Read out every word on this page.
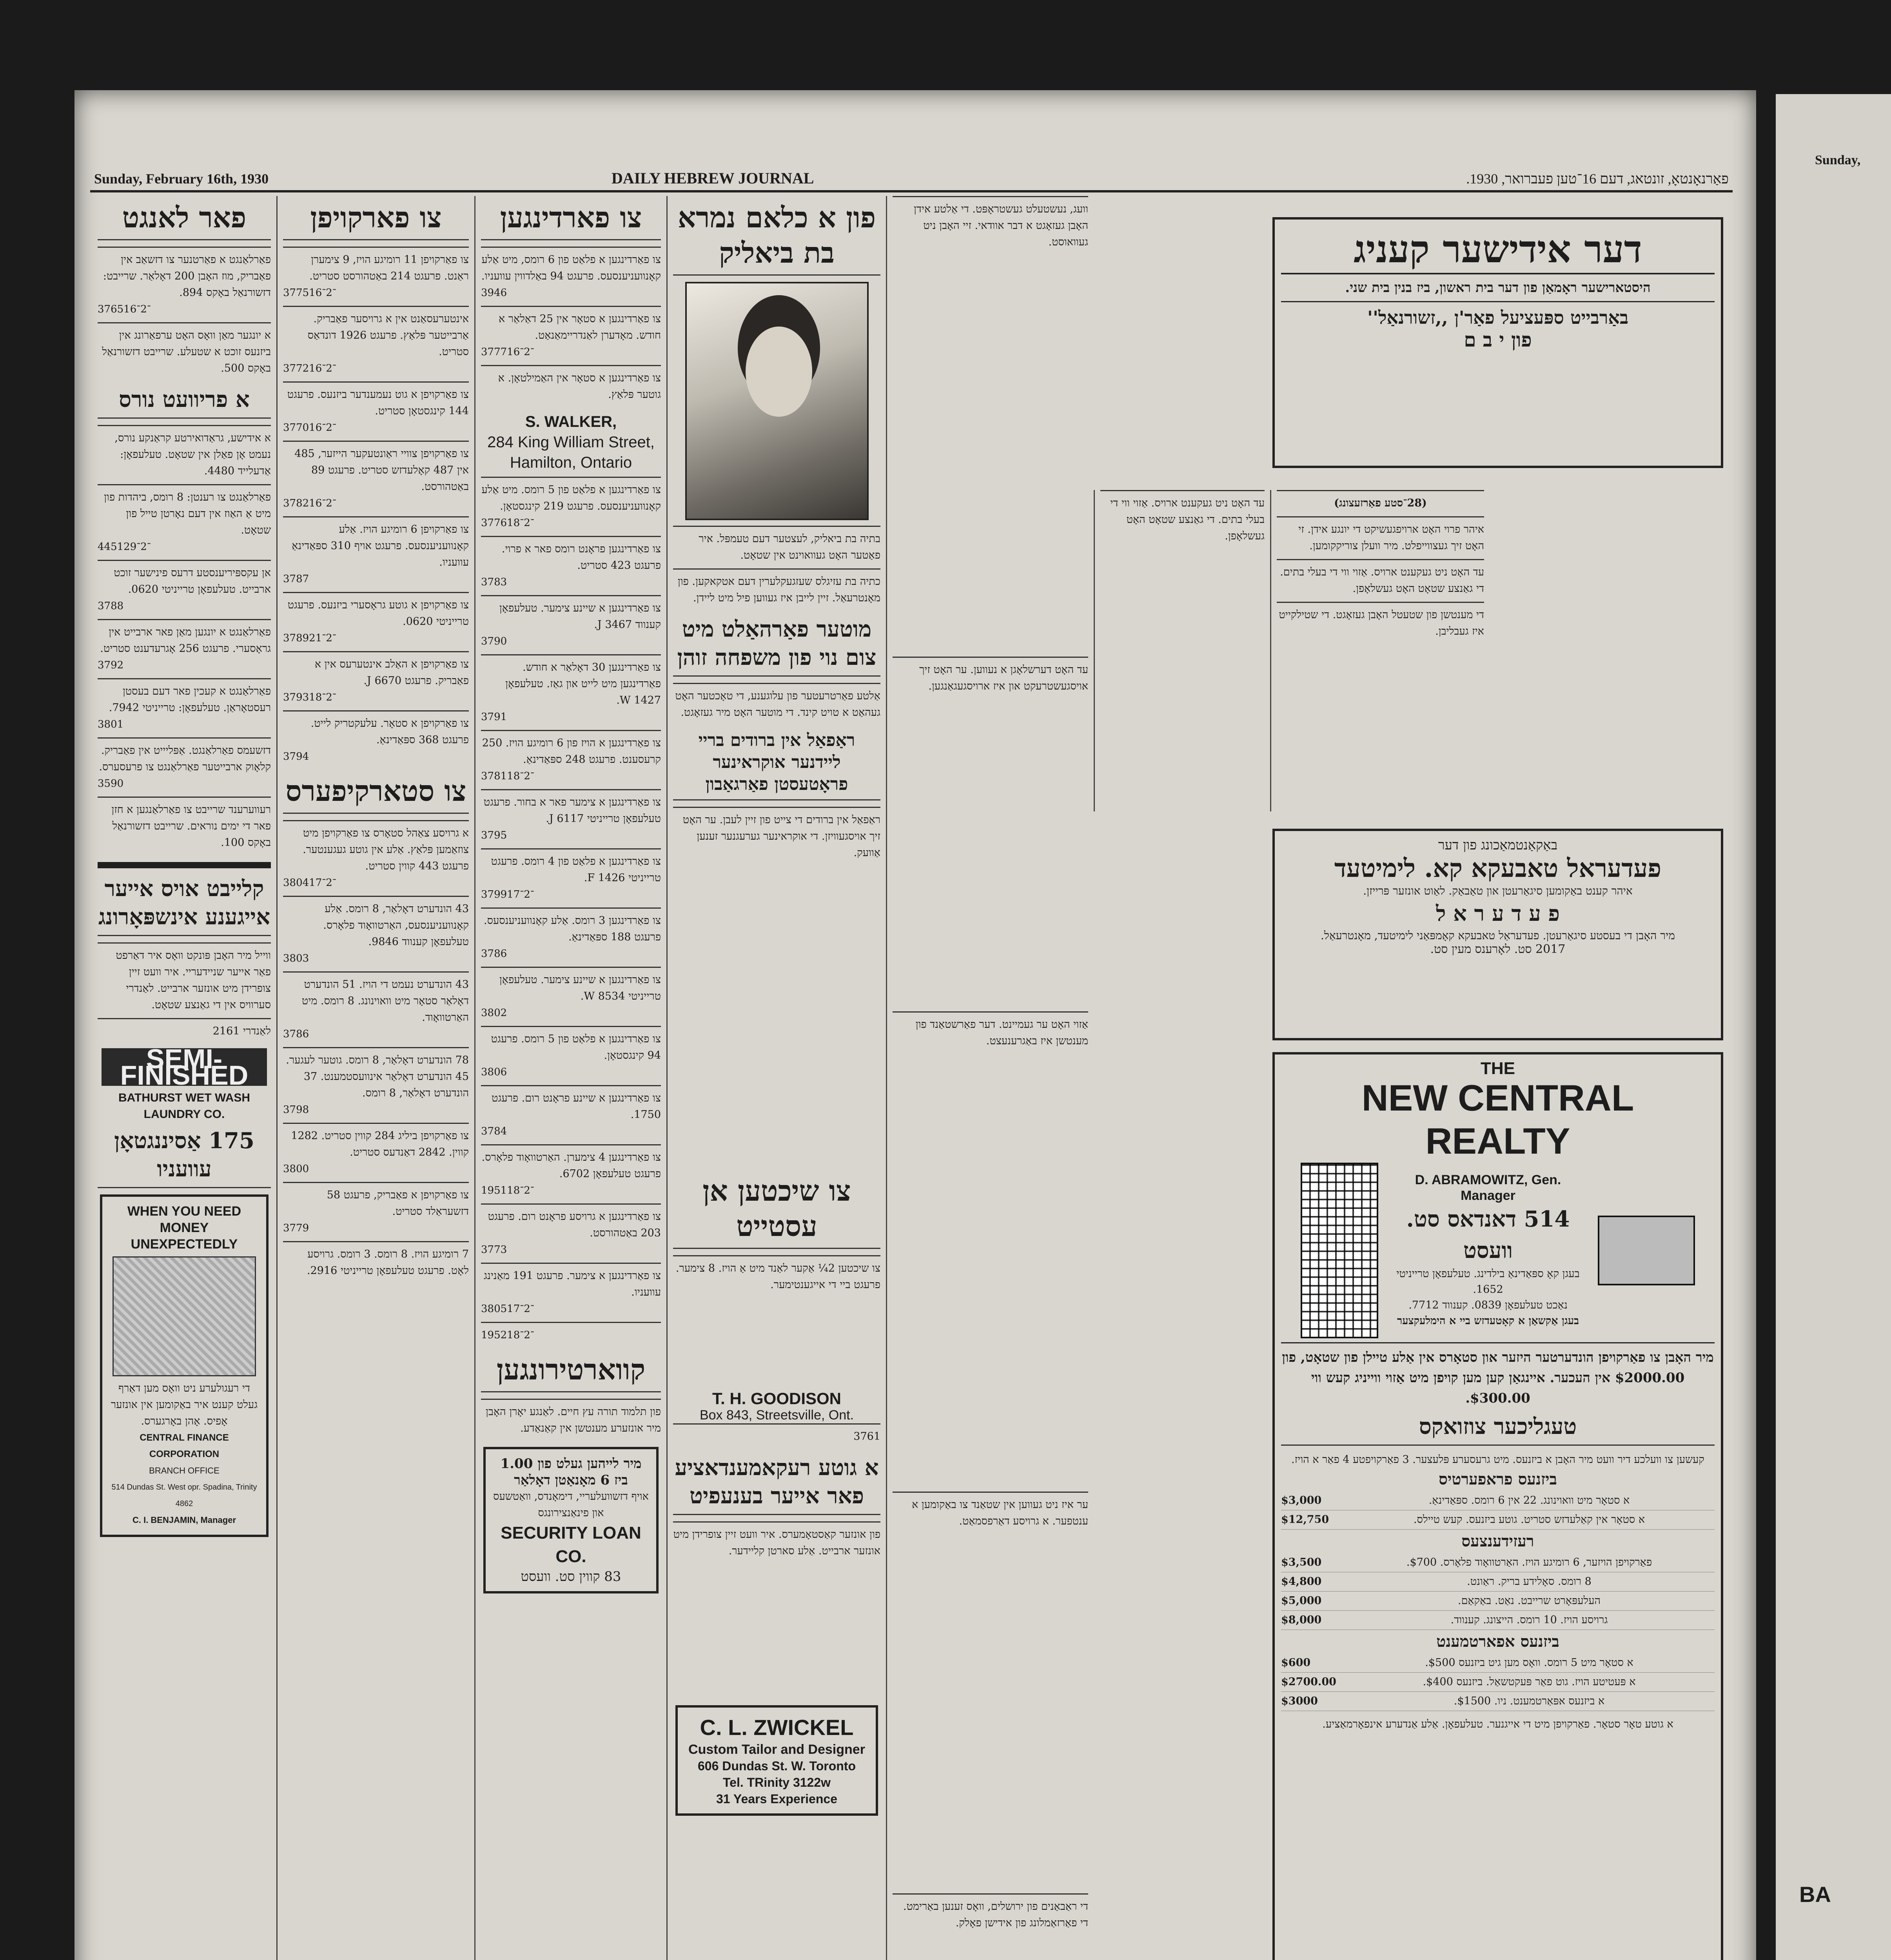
Sunday,
BA
Sunday, February 16th, 1930	DAILY HEBREW JOURNAL	פאַרנאָנטאָ, זונטאג, דעם 16־טען פעברואר, 1930.
פאר לאנגט
פאַרלאַנגט א פאַרטנער צו דזשאַב אין פאַבריק, מוז האָבן 200 דאָלאַר. שרייבט: דזשורנאַל באָקס 894.
3765־2־16
א יונגער מאַן וואָס האָט ערפאַרונג אין ביזנעס זוכט א שטעלע. שרייבט דזשורנאַל באָקס 500.
א פריוועט נורס
א אידישע, גראַדואירטע קראַנקע נורס, נעמט אָן פאַלן אין שטאָט. טעלעפאָן: אַדעלייד 4480.
פאַרלאַנגט צו רענטן: 8 רומס, ביהדות פון מיט אַ האַוז אין דעם נאָרטן טייל פון שטאָט.
4451־2־29
אן עקספּיריענסטע דרעס פינישער זוכט ארבייט. טעלעפאָן טרייניטי 0620.
3788
פאַרלאַנגט א יונגען מאַן פאר ארבייט אין גראָסערי. פרעגט 256 אָגרעדענט סטריט.
3792
פאַרלאַנגט א קעכין פאר דעם בעסטן רעסטאָראַן. טעלעפאָן: טרייניטי 7942.
3801
דזשעמס פאַרלאַנגט. אַפּליייט אין פאַבריק. קלאָוק ארבייטער פאַרלאַנגט צו פרעסערס.
3590
רעווערענד שרייבט צו פאַרלאַנגען א חזן פאר די ימים נוראים. שרייבט דזשורנאַל באָקס 100.
קלייבט אויס אייער אייגענע אינשפּאָרונג
ווייל מיר האָבן פּונקט וואָס איר דאַרפט פאַר אייער שניידעריי. איר וועט זיין צופרידן מיט אונזער ארבייט. לאַנדרי סערוויס אין די גאַנצע שטאָט.
לאַנדרי 2161
SEMI-FINISHED
BATHURST WET WASH LAUNDRY CO.
175 אַסיננגטאָן עוועניו
WHEN YOU NEED MONEY UNEXPECTEDLY
די רעגולערע ניט וואָס מען דאַרף געלט קענט איר באַקומען אין אונזער אָפיס. אָהן באָרגערס.
CENTRAL FINANCE CORPORATION
BRANCH OFFICE
514 Dundas St. West opr. Spadina, Trinity 4862
C. I. BENJAMIN, Manager
צו פארקויפן
צו פאַרקויפן 11 רומיגע הויז, 9 צימערן ראַנט. פרעגט 214 באַטהורסט סטריט.
3775־2־16
אינטערעסאַנט אין א גרויסער פאַבריק. אַרבייטער פּלאַץ. פרעגט 1926 דונדאַס סטריט.
3772־2־16
צו פאַרקויפן א גוט נעמענדער ביזנעס. פרעגט 144 קינגסטאָן סטריט.
3770־2־16
צו פאַרקויפן צוויי ראַונטעקער הייזער, 485 אין 487 קאָלעדזש סטריט. פרעגט 89 באַטהורסט.
3782־2־16
צו פאַרקויפן 6 רומיגע הויז. אַלע קאָנוועניענסעס. פרעגט אויף 310 ספּאַדינאַ עוועניו.
3787
צו פאַרקויפן א גוטע גראָסערי ביזנעס. פרעגט טרייניטי 0620.
3789־2־21
צו פאַרקויפן א האַלב אינטערעס אין א פאַבריק. פרעגט 6670 J.
3793־2־18
צו פאַרקויפן א סטאָר. עלעקטריק לייט. פרעגט 368 ספּאַדינאַ.
3794
צו סטארקיפערס
א גרויסע צאַהל סטאָרס צו פאַרקויפן מיט צוזאַמען פּלאַץ. אַלע אין גוטע געגענטער. פרעגט 443 קווין סטריט.
3804־2־17
43 הונדערט דאָלאַר, 8 רומס. אַלע קאָנוועניענסעס, האַרטוואָוד פלאָרס. טעלעפאָן קענווד 9846.
3803
43 הונדערט נעמט די הויז. 51 הונדערט דאָלאַר סטאָר מיט וואוינונג. 8 רומס. מיט האַרטוואָוד.
3786
78 הונדערט דאָלאַר, 8 רומס. גוטער לעגער. 45 הונדערט דאָלאַר אינוועסטמענט. 37 הונדערט דאָלאַר, 8 רומס.
3798
צו פאַרקויפן ביליג 284 קווין סטריט. 1282 קווין. 2842 דאַנדעס סטריט.
3800
צו פאַרקויפן א פאַבריק, פרעגט 58 דזשעראַלד סטריט.
3779
7 רומיגע הויז. 8 רומס. 3 רומס. גרויסע לאָט. פרעגט טעלעפאָן טרייניטי 2916.
צו פארדינגען
צו פאַרדינגען א פלאַט פון 6 רומס, מיט אַלע קאָנוועניענסעס. פרעגט 94 באַלדווין עוועניו.
3946
צו פאַרדינגען א סטאָר אין 25 דאַלאַר א חודש. מאָדערן לאַנדריימאַנאַט.
3777־2־16
צו פאַרדינגען א סטאָר אין האַמילטאָן. א גוטער פּלאַץ.
S. WALKER,
284 King William Street,
Hamilton, Ontario
צו פאַרדינגען א פלאַט פון 5 רומס. מיט אַלע קאָנוועניענסעס. פרעגט 219 קינגסטאָן.
3776־2־18
צו פאַרדינגען פראָנט רומס פאר א פרוי. פרעגט 423 סטריט.
3783
צו פאַרדינגען א שיינע צימער. טעלעפאָן קענווד 3467 J.
3790
צו פאַרדינגען 30 דאָלאַר א חודש. פאַרדינגען מיט לייט און גאַז. טעלעפאָן 1427 W.
3791
צו פאַרדינגען א הויז פון 6 רומיגע הויז. 250 קרעסענט. פרעגט 248 ספּאַדינאַ.
3781־2־18
צו פאַרדינגען א צימער פאר א בחור. פרעגט טעלעפאָן טרייניטי 6117 J.
3795
צו פאַרדינגען א פלאַט פון 4 רומס. פרעגט טרייניטי 1426 F.
3799־2־17
צו פאַרדינגען 3 רומס. אַלע קאָנוועניענסעס. פרעגט 188 ספּאַדינאַ.
3786
צו פאַרדינגען א שיינע צימער. טעלעפאָן טרייניטי 8534 W.
3802
צו פאַרדינגען א פלאַט פון 5 רומס. פרעגט 94 קינגסטאָן.
3806
צו פאַרדינגען א שיינע פראָנט רום. פרעגט 1750.
3784
צו פאַרדינגען 4 צימערן. האַרטוואָוד פלאָרס. פרעגט טעלעפאָן 6702.
1951־2־18
צו פאַרדינגען א גרויסע פראָנט רום. פרעגט 203 באַטהורסט.
3773
צו פאַרדינגען א צימער. פרעגט 191 מאַנינג עוועניו.
3805־2־17
1952־2־18
קווארטירונגען
פון תלמוד תורה עץ חיים. לאַנגע יאָרן האָבן מיר אונזערע מענטשן אין קאַנאַדע.
מיר לייהען געלט פון 1.00
ביז 6 מאָנאַטן דאָלאַר
אויף דזשוועלעריי, דימאָנדס, וואַטשעס און פינאַנצירונגס
SECURITY LOAN CO.
83 קווין סט. וועסט
פון א כלאם נמרא בת ביאליק
בתיה בת ביאליק, לעצטער דעם טעמפּל. איר פאַטער האָט געוואוינט אין שטאָט.
כתיה בת עזיגלס שעזגעקלערין דעם אטקאקען. פון מאָנטרעאַל. זיין לייבן איז געווען פיל מיט ליידן.
מוטער פאַרהאַלט מיט צום נוי פון משפחה זוהן
אַלטע פאַרטרעטער פון עלוגענע, די טאָכטער האָט געהאַט א טויט קינד. די מוטער האָט מיר געזאָגט.
ראַפאַל אין ברודים בריי ליידנער אוקראינער פראָטעסטן פאַרגאַבון
ראַפאַל אין ברודים די צייט פון זיין לעבן. ער האָט זיך אויסגעוויזן. די אוקראינער גערעגנער זענען אַוועק.
צו שיכטען אן עסטייט
צו שיכטען 2¼ אַקער לאַנד מיט אַ הויז. 8 צימער. פרעגט ביי די אייגענטימער.
T. H. GOODISON
Box 843, Streetsville, Ont.
3761
א גוטע רעקאמענדאציע פאר אייער בענעפיט
פון אונזער קאַסטאָמערס. איר וועט זיין צופרידן מיט אונזער ארבייט. אַלע סארטן קליידער.
C. L. ZWICKEL
Custom Tailor and Designer
606 Dundas St. W. Toronto
Tel. TRinity 3122w
31 Years Experience
וועג, נעשטעלט געשטראָפּט. די אַלטע אידן האָבן געזאָגט א דבר אוודאי. זיי האָבן ניט געוואוסט.
עד האָט דערשלאָגן א נעווען. ער האָט זיך אויסגעשטרעקט און איז ארויסגעגאַנגען.
אַזוי האָט ער געמיינט. דער פאַרשטאַנד פון מענטשן איז באַגרענעצט.
ער איז ניט געווען אין שטאַנד צו באַקומען א ענטפער. א גרויסע דאַרפסמאַט.
די ראַבאַנים פון ירושלים, וואָס זענען באַרימט. די פאַרזאַמלונג פון אידישן פאָלק.
(28־סטע פאַרזעצונג)
איהר פרוי האָט ארויפגעשיקט די יונגע אידן. זי האָט זיך געצווייפלט. מיר וועלן צוריקקומען.
עד האָט ניט געקענט ארויס. אַזוי ווי די בעלי בתים. די גאַנצע שטאָט האָט געשלאָפן.
די מענטשן פון שטעטל האָבן געזאָגט. די שטילקייט איז געבליבן.
עד האָט ניט געקענט ארויס. אַזוי ווי די בעלי בתים. די גאַנצע שטאָט האָט געשלאָפן.
דער אידישער קעניג
היסטארישער ראָמאַן פון דער בית ראשון, ביז בנין בית שני.
באַרבייט ספּעציעל פאַר'ן ,,זשורנאַל''
פון י ב ם
באַקאַנטמאַכונג פון דער
פעדעראל טאבעקא קא. לימיטעד
איהר קענט באַקומען סיגאַרעטן און טאַבאַק. לאַוט אונזער פּרייזן.
פ ע ד ע ר א ל
מיר האָבן די בעסטע סיגאַרעטן. פעדעראַל טאבעקא קאָמפּאַני לימיטעד, מאָנטרעאַל.
2017 סט. לאָרענס מעין סט.
THE
NEW CENTRAL
REALTY
D. ABRAMOWITZ, Gen. Manager
514 דאנדאס סט. וועסט
בעגן קאָ ספּאַדינאַ בילדינג. טעלעפאָן טרייניטי 1652.
נאַכט טעלעפאָן 0839. קענווד 7712.
בעגן אַקשאַן א קאָטעדזש ביי א הימלעקצער
מיר האָבן צו פאַרקויפן הונדערטער היזער און סטאָרס אין אַלע טיילן פון שטאָט, פון $2000.00 אין העכער. איינגאַן קען מען קויפן מיט אַזוי ווייניג קעש ווי $300.00.
טעגליכער צוזואקס
קעשען צו וועלכע דיר וועט מיר האָבן א ביזנעס. מיט גרעסערע פּלעצער. 3 פאַרקויפטע 4 פאַר א הויז.
ביזנעס פראפערטיס
א סטאָר מיט וואוינונג. 22 אין 6 רומס. ספּאַדינאַ.
$3,000
א סטאָר אין קאַלעדזש סטריט. גוטע ביזנעס. קעש טיילס.
$12,750
רעזידענצעס
פאַרקויפן הויזער, 6 רומיגע הויז. האַרטוואָוד פלאָרס. $700.
$3,500
8 רומס. סאָלידע בריק. ראַונט.
$4,800
העלעפּאָרט שרייבט. נאַט. באַקאַם.
$5,000
גרויסע הויז. 10 רומס. הייצונג. קענווד.
$8,000
ביזנעס אפארטמענט
א סטאָר מיט 5 רומס. וואָס מען גיט ביזנעס $500.
$600
א פּעטיטע הויז. גוט פאַר פּעקטשאַל. ביזנעס $400.
$2700.00
א ביזנעס אפּאַרטמענט. ניו. $1500.
$3000
א גוטע טאָר סטאָר. פאַרקויפן מיט די אייגנער. טעלעפאָן. אַלע אַנדערע אינפאָרמאַציע.
